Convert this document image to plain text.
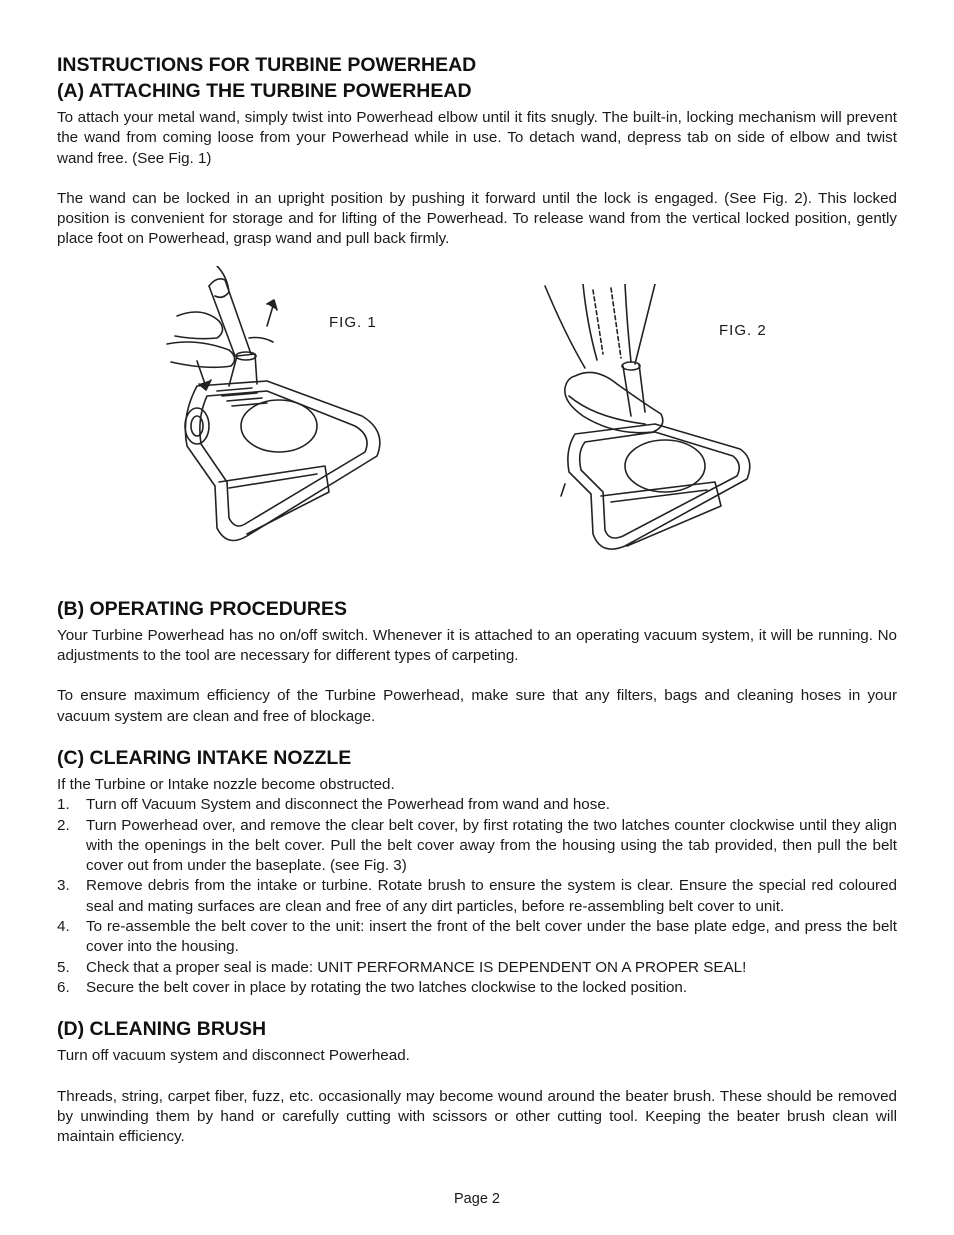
INSTRUCTIONS FOR TURBINE POWERHEAD
(A) ATTACHING THE TURBINE POWERHEAD

To attach your metal wand, simply twist into Powerhead elbow until it fits snugly. The built-in, locking mechanism will prevent the wand from coming loose from your Powerhead while in use. To detach wand, depress tab on side of elbow and twist wand free. (See Fig. 1)

The wand can be locked in an upright position by pushing it forward until the lock is engaged. (See Fig. 2). This locked position is convenient for storage and for lifting of the Powerhead. To release wand from the vertical locked position, gently place foot on Powerhead, grasp wand and pull back firmly.

FIG. 1	FIG. 2
(B) OPERATING PROCEDURES

Your Turbine Powerhead has no on/off switch. Whenever it is attached to an operating vacuum system, it will be running. No adjustments to the tool are necessary for different types of carpeting.

To ensure maximum efficiency of the Turbine Powerhead, make sure that any filters, bags and cleaning hoses in your vacuum system are clean and free of blockage.

(C) CLEARING INTAKE NOZZLE

If the Turbine or Intake nozzle become obstructed.

1. Turn off Vacuum System and disconnect the Powerhead from wand and hose.
2. Turn Powerhead over, and remove the clear belt cover, by first rotating the two latches counter clockwise until they align with the openings in the belt cover. Pull the belt cover away from the housing using the tab provided, then pull the belt cover out from under the baseplate. (see Fig. 3)
3. Remove debris from the intake or turbine. Rotate brush to ensure the system is clear. Ensure the special red coloured seal and mating surfaces are clean and free of any dirt particles, before re-assembling belt cover to unit.
4. To re-assemble the belt cover to the unit: insert the front of the belt cover under the base plate edge, and press the belt cover into the housing.
5. Check that a proper seal is made: UNIT PERFORMANCE IS DEPENDENT ON A PROPER SEAL!
6. Secure the belt cover in place by rotating the two latches clockwise to the locked position.
(D) CLEANING BRUSH

Turn off vacuum system and disconnect Powerhead.

Threads, string, carpet fiber, fuzz, etc. occasionally may become wound around the beater brush. These should be removed by unwinding them by hand or carefully cutting with scissors or other cutting tool. Keeping the beater brush clean will maintain efficiency.

Page 2
